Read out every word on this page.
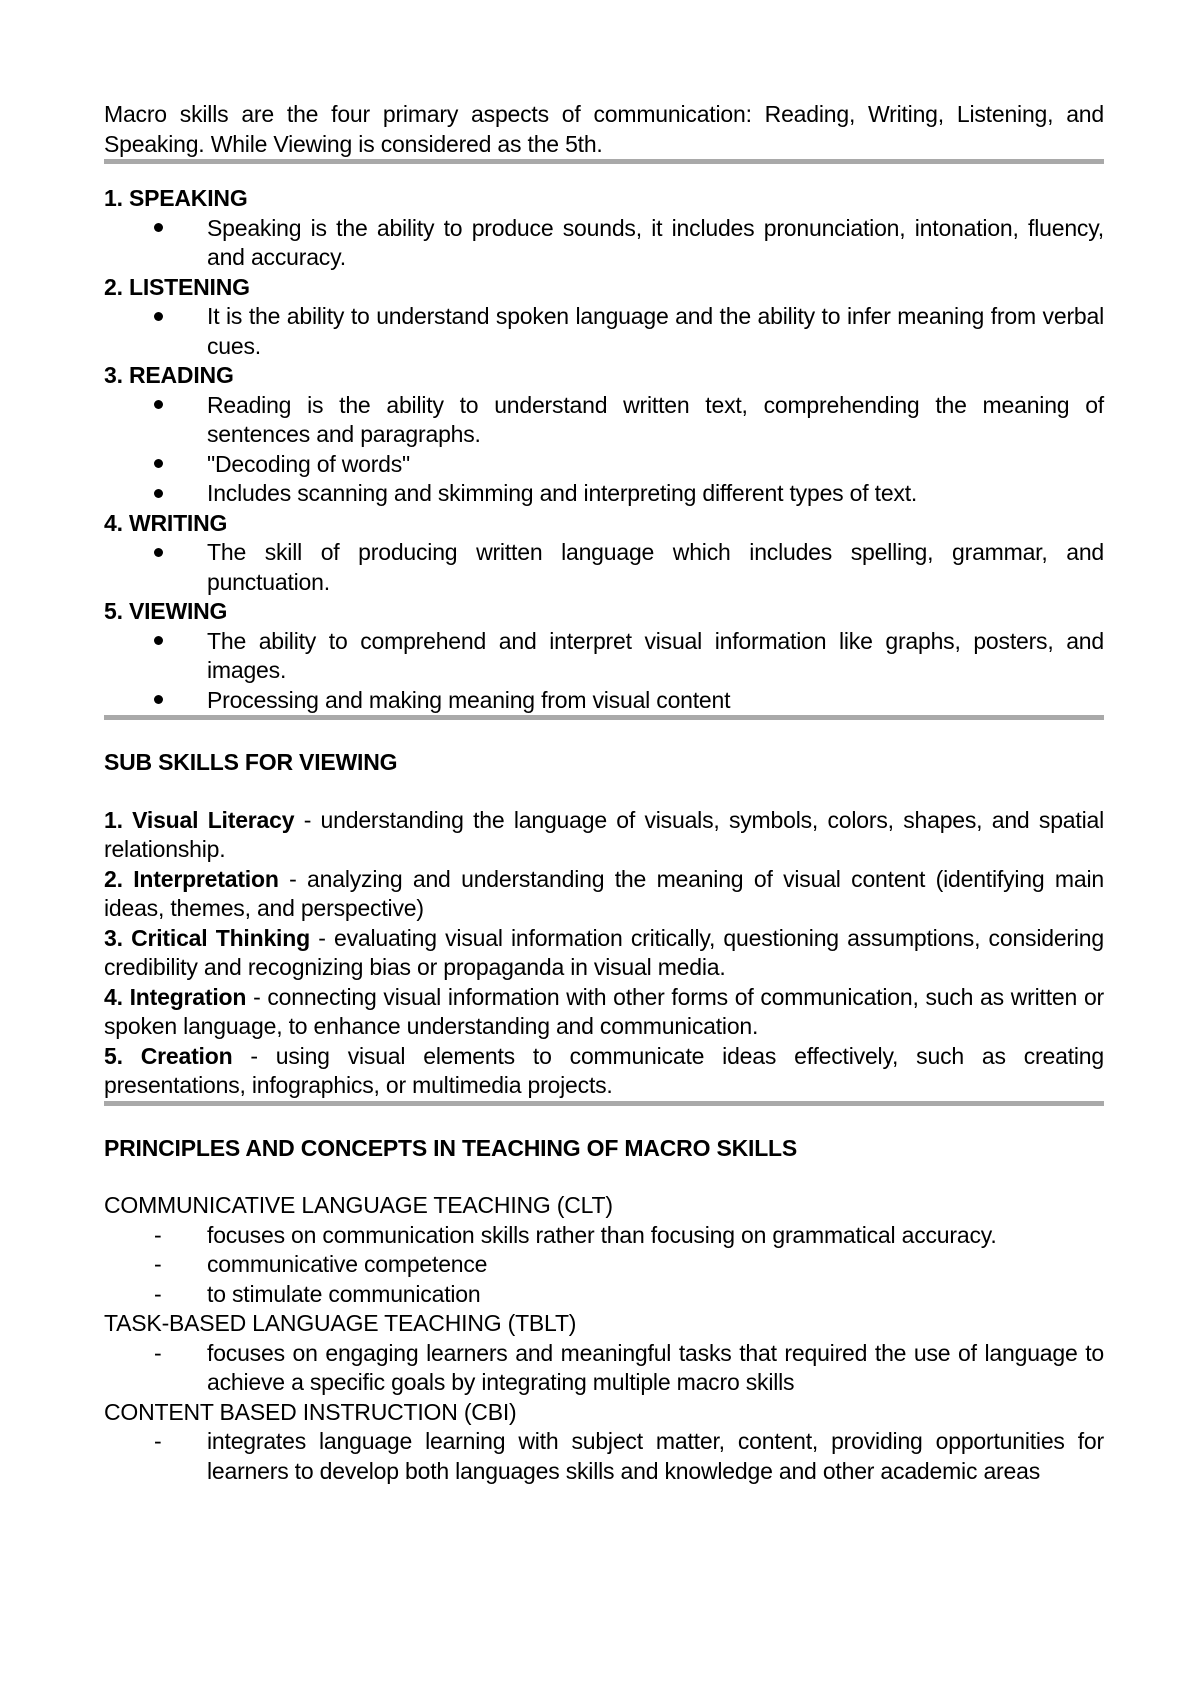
Macro skills are the four primary aspects of communication: Reading, Writing, Listening, and Speaking. While Viewing is considered as the 5th.
1. SPEAKING
Speaking is the ability to produce sounds, it includes pronunciation, intonation, fluency, and accuracy.
2. LISTENING
It is the ability to understand spoken language and the ability to infer meaning from verbal cues.
3. READING
Reading is the ability to understand written text, comprehending the meaning of sentences and paragraphs.
"Decoding of words"
Includes scanning and skimming and interpreting different types of text.
4. WRITING
The skill of producing written language which includes spelling, grammar, and punctuation.
5. VIEWING
The ability to comprehend and interpret visual information like graphs, posters, and images.
Processing and making meaning from visual content
SUB SKILLS FOR VIEWING

1. Visual Literacy - understanding the language of visuals, symbols, colors, shapes, and spatial relationship.

2. Interpretation - analyzing and understanding the meaning of visual content (identifying main ideas, themes, and perspective)

3. Critical Thinking - evaluating visual information critically, questioning assumptions, considering credibility and recognizing bias or propaganda in visual media.

4. Integration - connecting visual information with other forms of communication, such as written or spoken language, to enhance understanding and communication.

5. Creation - using visual elements to communicate ideas effectively, such as creating presentations, infographics, or multimedia projects.

PRINCIPLES AND CONCEPTS IN TEACHING OF MACRO SKILLS
COMMUNICATIVE LANGUAGE TEACHING (CLT)
-	focuses on communication skills rather than focusing on grammatical accuracy.
-	communicative competence
-	to stimulate communication
TASK-BASED LANGUAGE TEACHING (TBLT)
-	focuses on engaging learners and meaningful tasks that required the use of language to achieve a specific goals by integrating multiple macro skills
CONTENT BASED INSTRUCTION (CBI)
-	integrates language learning with subject matter, content, providing opportunities for learners to develop both languages skills and knowledge and other academic areas
